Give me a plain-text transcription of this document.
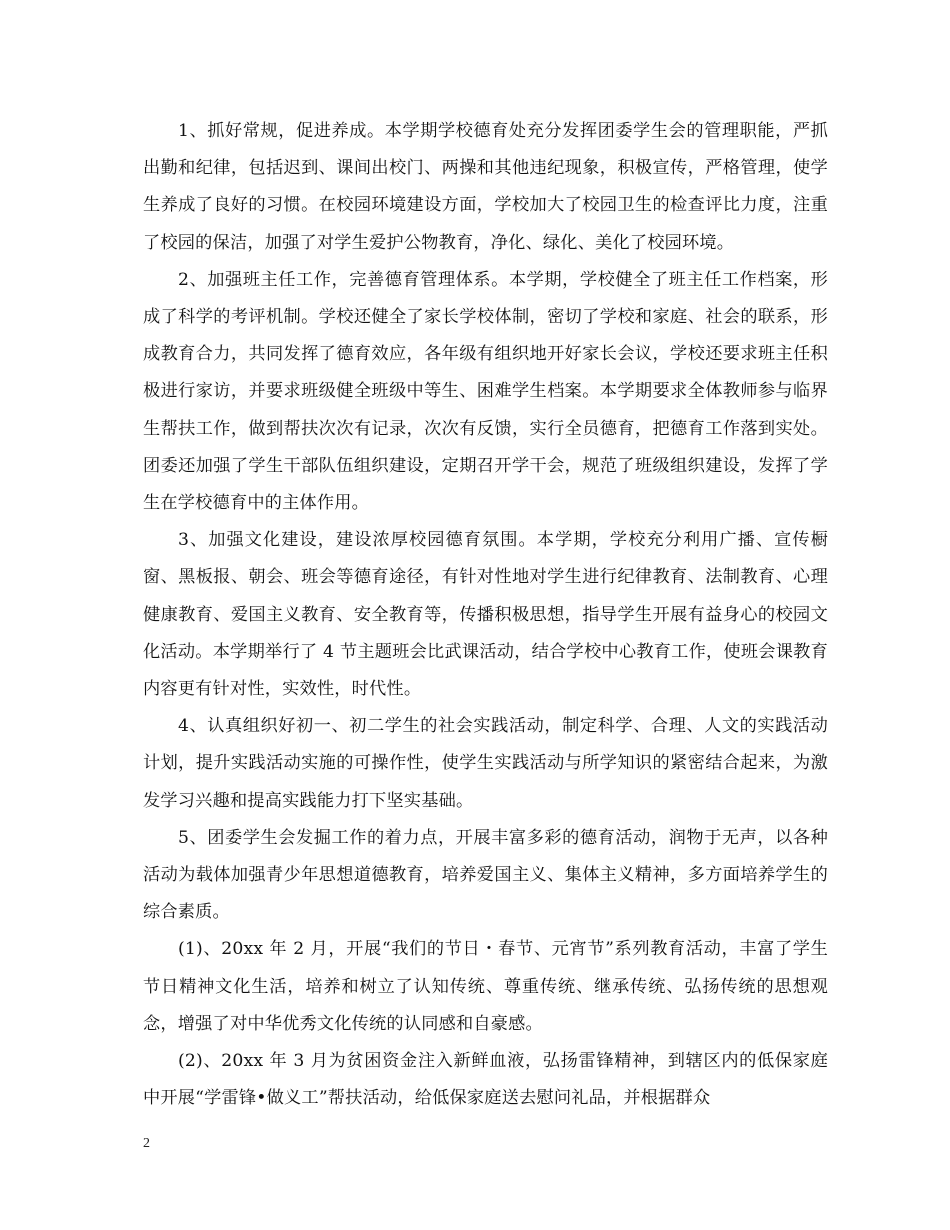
1、抓好常规，促进养成。本学期学校德育处充分发挥团委学生会的管理职能，严抓出勤和纪律，包括迟到、课间出校门、两操和其他违纪现象，积极宣传，严格管理，使学生养成了良好的习惯。在校园环境建设方面，学校加大了校园卫生的检查评比力度，注重了校园的保洁，加强了对学生爱护公物教育，净化、绿化、美化了校园环境。

2、加强班主任工作，完善德育管理体系。本学期，学校健全了班主任工作档案，形成了科学的考评机制。学校还健全了家长学校体制，密切了学校和家庭、社会的联系，形成教育合力，共同发挥了德育效应，各年级有组织地开好家长会议，学校还要求班主任积极进行家访，并要求班级健全班级中等生、困难学生档案。本学期要求全体教师参与临界生帮扶工作，做到帮扶次次有记录，次次有反馈，实行全员德育，把德育工作落到实处。团委还加强了学生干部队伍组织建设，定期召开学干会，规范了班级组织建设，发挥了学生在学校德育中的主体作用。

3、加强文化建设，建设浓厚校园德育氛围。本学期，学校充分利用广播、宣传橱窗、黑板报、朝会、班会等德育途径，有针对性地对学生进行纪律教育、法制教育、心理健康教育、爱国主义教育、安全教育等，传播积极思想，指导学生开展有益身心的校园文化活动。本学期举行了 4 节主题班会比武课活动，结合学校中心教育工作，使班会课教育内容更有针对性，实效性，时代性。

4、认真组织好初一、初二学生的社会实践活动，制定科学、合理、人文的实践活动计划，提升实践活动实施的可操作性，使学生实践活动与所学知识的紧密结合起来，为激发学习兴趣和提高实践能力打下坚实基础。

5、团委学生会发掘工作的着力点，开展丰富多彩的德育活动，润物于无声，以各种活动为载体加强青少年思想道德教育，培养爱国主义、集体主义精神，多方面培养学生的综合素质。

(1)、20xx 年 2 月，开展“我们的节日・春节、元宵节”系列教育活动，丰富了学生节日精神文化生活，培养和树立了认知传统、尊重传统、继承传统、弘扬传统的思想观念，增强了对中华优秀文化传统的认同感和自豪感。

(2)、20xx 年 3 月为贫困资金注入新鲜血液，弘扬雷锋精神，到辖区内的低保家庭中开展“学雷锋•做义工”帮扶活动，给低保家庭送去慰问礼品，并根据群众

2
